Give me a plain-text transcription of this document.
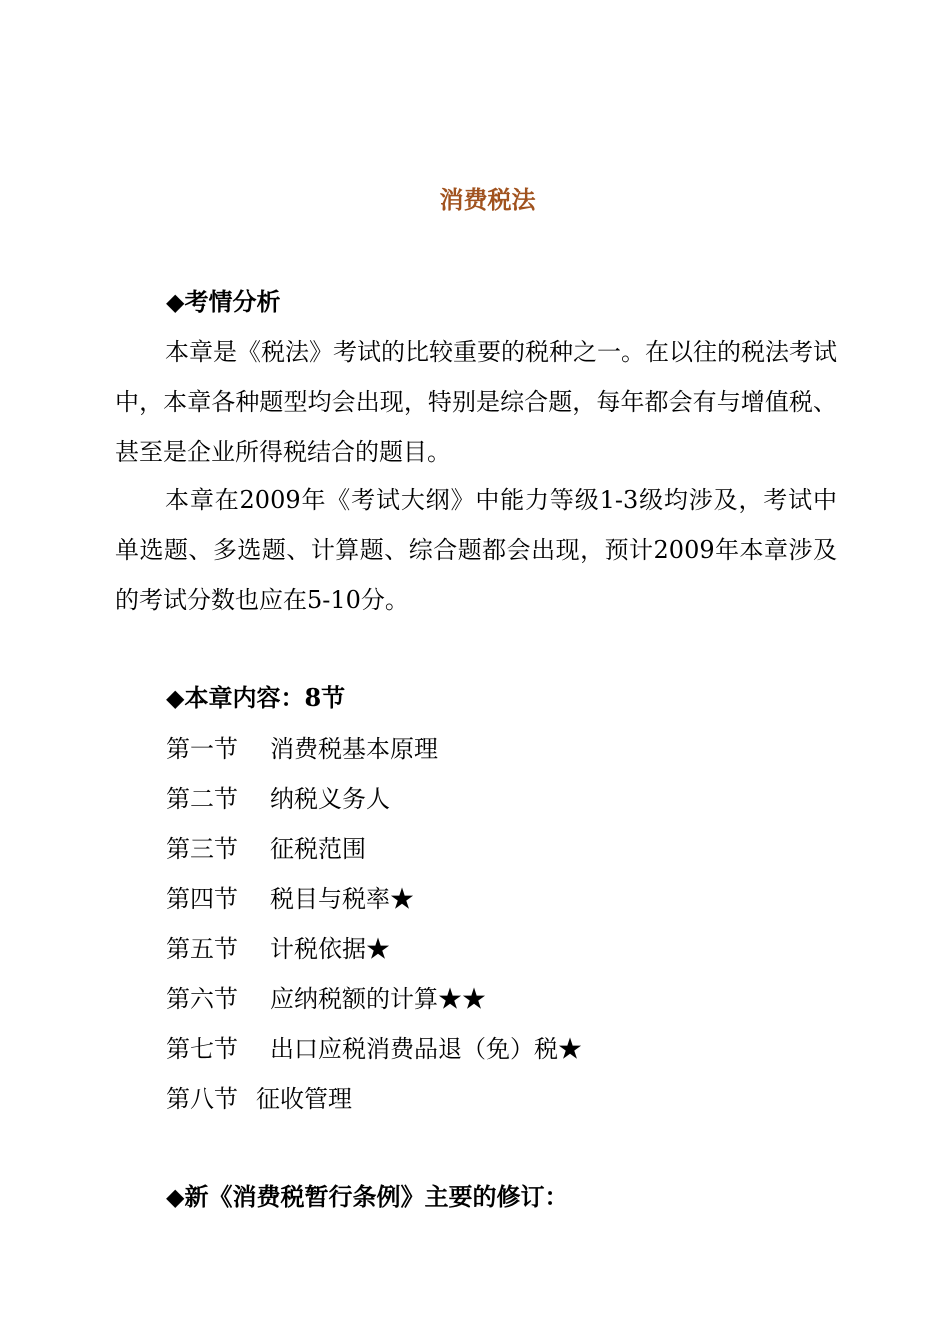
消费税法
◆考情分析

本章是《税法》考试的比较重要的税种之一。在以往的税法考试中，本章各种题型均会出现，特别是综合题，每年都会有与增值税、甚至是企业所得税结合的题目。

本章在2009年《考试大纲》中能力等级1-3级均涉及，考试中单选题、多选题、计算题、综合题都会出现，预计2009年本章涉及的考试分数也应在5-10分。

◆本章内容：8节
第一节 消费税基本原理
第二节 纳税义务人
第三节 征税范围
第四节 税目与税率★
第五节 计税依据★
第六节 应纳税额的计算★★
第七节 出口应税消费品退（免）税★
第八节 征收管理
◆新《消费税暂行条例》主要的修订：
